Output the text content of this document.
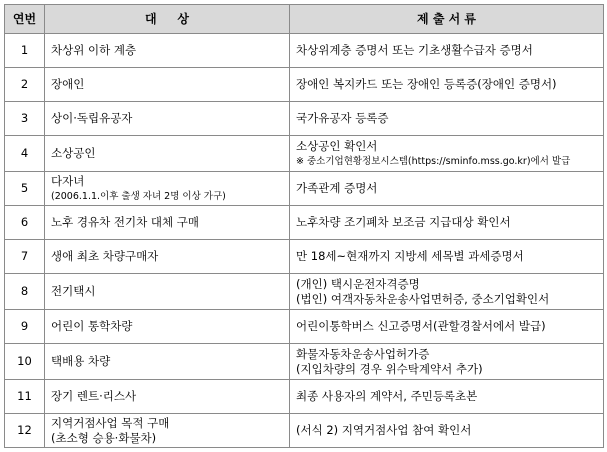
연번	대     상	제 출 서 류
1	차상위 이하 계층	차상위계층 증명서 또는 기초생활수급자 증명서

2	장애인	장애인 복지카드 또는 장애인 등록증(장애인 증명서)

3	상이·독립유공자	국가유공자 등록증

4	소상공인	소상공인 확인서
※ 중소기업현황정보시스템(https://sminfo.mss.go.kr)에서 발급

5	다자녀
(2006.1.1.이후 출생 자녀 2명 이상 가구)	가족관계 증명서

6	노후 경유차 전기차 대체 구매	노후차량 조기폐차 보조금 지급대상 확인서

7	생애 최초 차량구매자	만 18세~현재까지 지방세 세목별 과세증명서

8	전기택시	(개인) 택시운전자격증명
(법인) 여객자동차운송사업면허증, 중소기업확인서

9	어린이 통학차량	어린이통학버스 신고증명서(관할경찰서에서 발급)

10	택배용 차량	화물자동차운송사업허가증
(지입차량의 경우 위수탁계약서 추가)

11	장기 렌트·리스사	최종 사용자의 계약서, 주민등록초본

12	지역거점사업 목적 구매
(초소형 승용·화물차)	(서식 2) 지역거점사업 참여 확인서
